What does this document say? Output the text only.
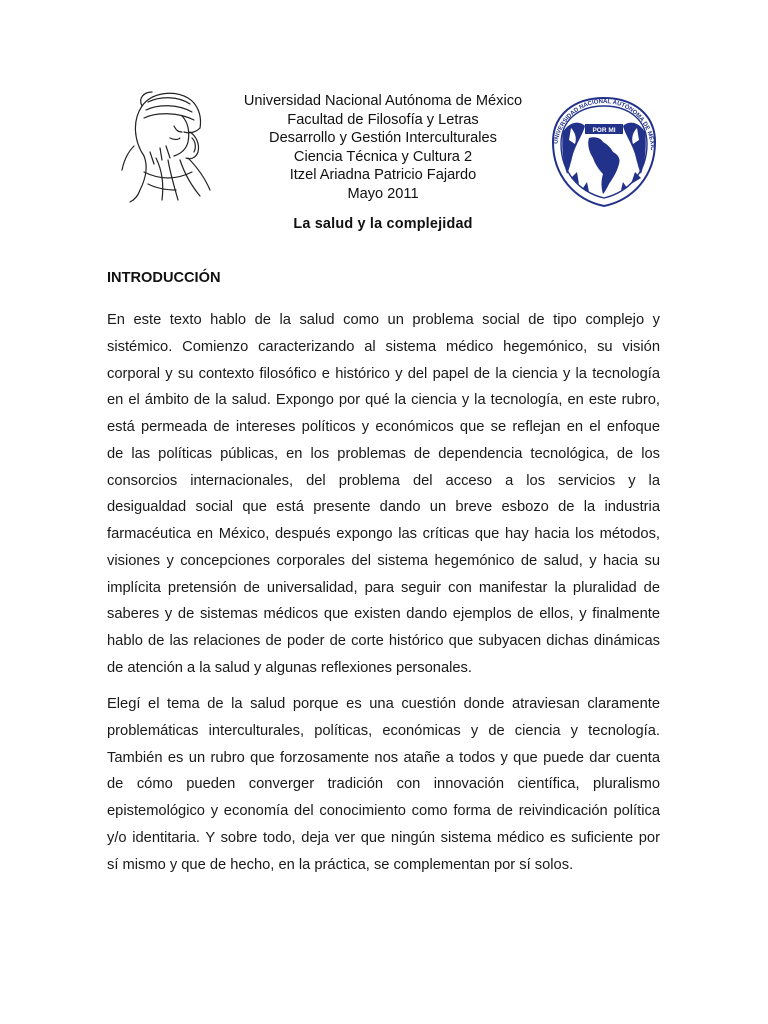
Universidad Nacional Autónoma de México
Facultad de Filosofía y Letras
Desarrollo y Gestión Interculturales
Ciencia Técnica y Cultura 2
Itzel Ariadna Patricio Fajardo
Mayo 2011
UNIVERSIDAD NACIONAL AUTÓNOMA DE MÉXIC
POR MI
La salud y la complejidad
INTRODUCCIÓN

En este texto hablo de la salud como un problema social de tipo complejo y
sistémico. Comienzo caracterizando al sistema médico hegemónico, su visión
corporal y su contexto filosófico e histórico y del papel de la ciencia y la tecnología
en el ámbito de la salud. Expongo por qué la ciencia y la tecnología, en este rubro,
está permeada de intereses políticos y económicos que se reflejan en el enfoque
de las políticas públicas, en los problemas de dependencia tecnológica, de los
consorcios internacionales, del problema del acceso a los servicios y la
desigualdad social que está presente dando un breve esbozo de la industria
farmacéutica en México, después expongo las críticas que hay hacia los métodos,
visiones y concepciones corporales del sistema hegemónico de salud, y hacia su
implícita pretensión de universalidad, para seguir con manifestar la pluralidad de
saberes y de sistemas médicos que existen dando ejemplos de ellos, y finalmente
hablo de las relaciones de poder de corte histórico que subyacen dichas dinámicas
de atención a la salud y algunas reflexiones personales.

Elegí el tema de la salud porque es una cuestión donde atraviesan claramente
problemáticas interculturales, políticas, económicas y de ciencia y tecnología.
También es un rubro que forzosamente nos atañe a todos y que puede dar cuenta
de cómo pueden converger tradición con innovación científica, pluralismo
epistemológico y economía del conocimiento como forma de reivindicación política
y/o identitaria. Y sobre todo, deja ver que ningún sistema médico es suficiente por
sí mismo y que de hecho, en la práctica, se complementan por sí solos.
